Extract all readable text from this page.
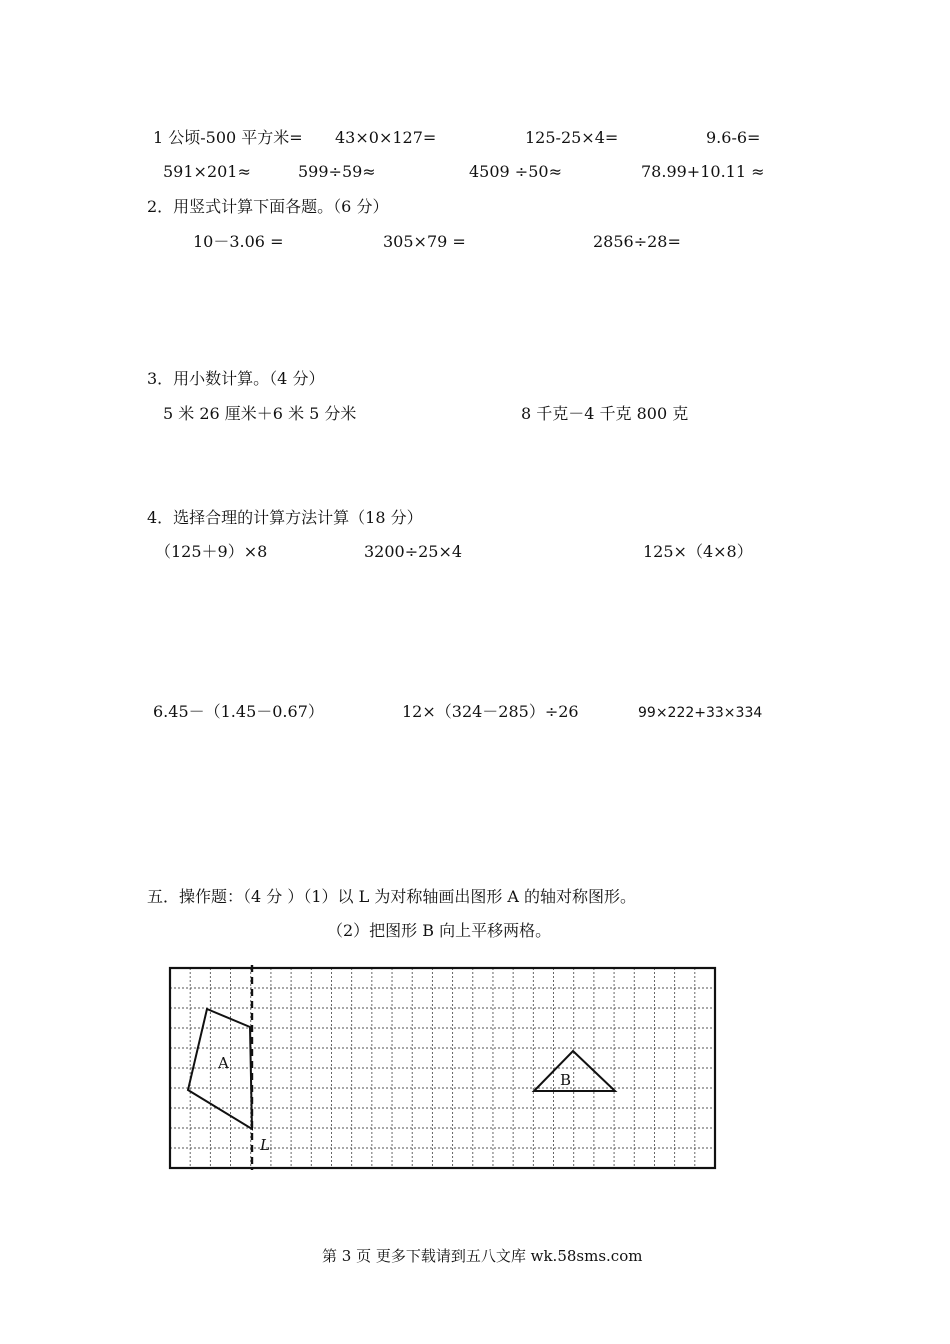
1 公顷-500 平方米= 43×0×127=	125-25×4=	9.6-6=
591×201≈	599÷59≈	4509 ÷50≈	78.99+10.11 ≈
2．用竖式计算下面各题。（6 分）
10－3.06 =	305×79 =	2856÷28=
3．用小数计算。（4 分）
5 米 26 厘米＋6 米 5 分米	8 千克－4 千克 800 克
4．选择合理的计算方法计算（18 分）
（125＋9）×8	3200÷25×4	125×（4×8）
6.45－（1.45－0.67）	12×（324－285）÷26	99×222+33×334
五．操作题：（4 分 ）（1）以 L 为对称轴画出图形 A 的轴对称图形。
（2）把图形 B 向上平移两格。
A
B
L
第 3 页 更多下载请到五八文库 wk.58sms.com
